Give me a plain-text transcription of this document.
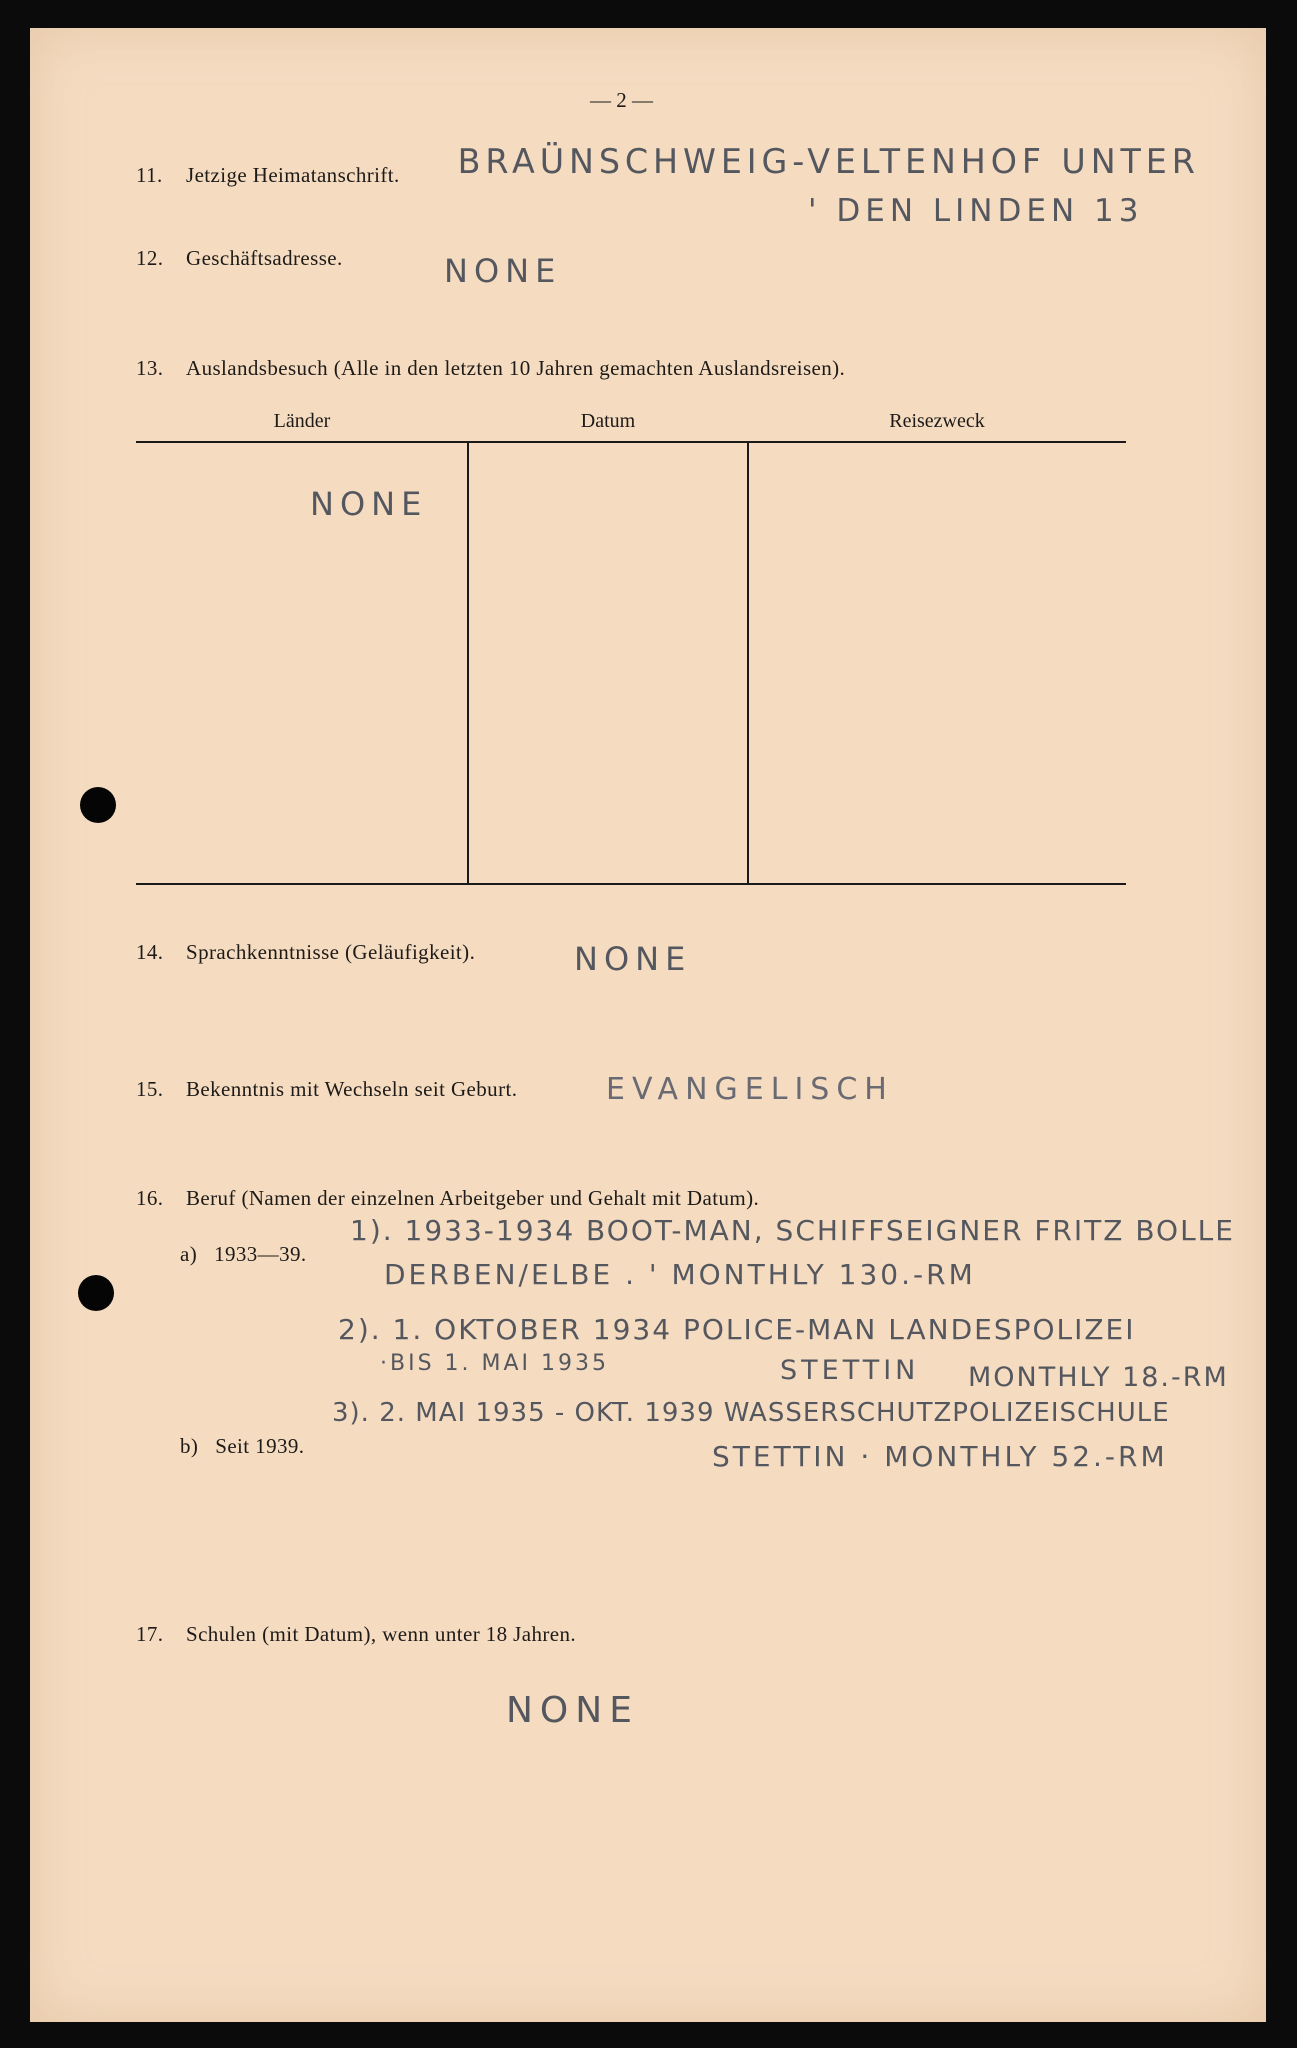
— 2 —
11. Jetzige Heimatanschrift. BRAÜNSCHWEIG-VELTENHOF UNTER
' DEN LINDEN 13
12. Geschäftsadresse.	NONE
13. Auslandsbesuch (Alle in den letzten 10 Jahren gemachten Auslandsreisen).
Länder	Datum	Reisezweck
NONE
14. Sprachkenntnisse (Geläufigkeit).	NONE
15. Bekenntnis mit Wechseln seit Geburt.	EVANGELISCH
16. Beruf (Namen der einzelnen Arbeitgeber und Gehalt mit Datum).
a) 1933—39.
b) Seit 1939.
1). 1933-1934 BOOT-MAN, SCHIFFSEIGNER FRITZ BOLLE
DERBEN/ELBE . ' MONTHLY 130.-RM
2). 1. OKTOBER 1934 POLICE-MAN LANDESPOLIZEI
·BIS 1. MAI 1935	STETTIN MONTHLY 18.-RM
3). 2. MAI 1935 - OKT. 1939 WASSERSCHUTZPOLIZEISCHULE
STETTIN · MONTHLY 52.-RM
17. Schulen (mit Datum), wenn unter 18 Jahren.
NONE
